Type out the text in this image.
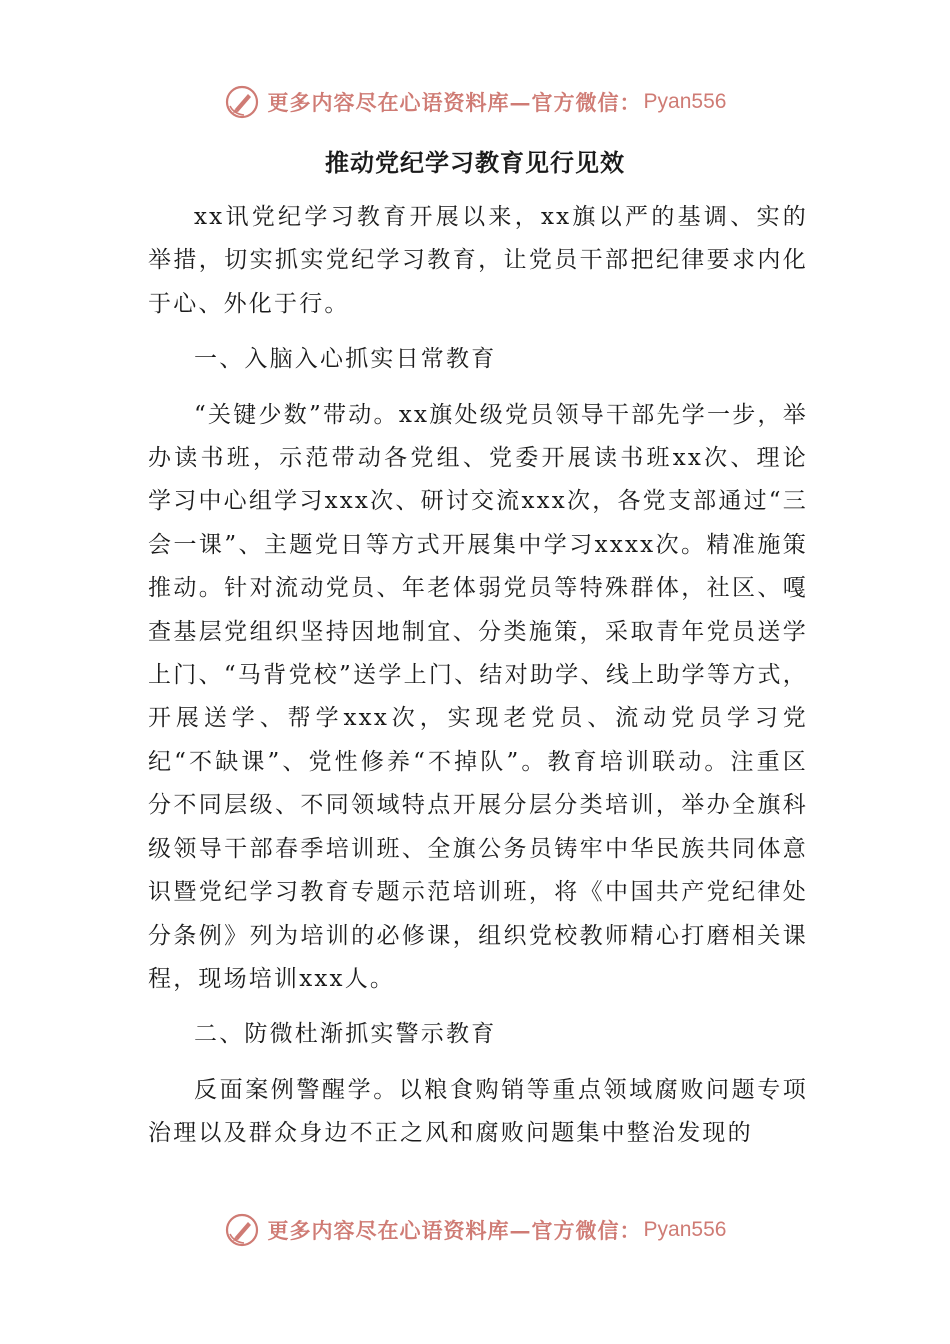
更多内容尽在心语资料库—官方微信： Pyan556
推动党纪学习教育见行见效

xx讯党纪学习教育开展以来，xx旗以严的基调、实的举措，切实抓实党纪学习教育，让党员干部把纪律要求内化于心、外化于行。

一、入脑入心抓实日常教育

“关键少数”带动。xx旗处级党员领导干部先学一步，举办读书班，示范带动各党组、党委开展读书班xx次、理论学习中心组学习xxx次、研讨交流xxx次，各党支部通过“三会一课”、主题党日等方式开展集中学习xxxx次。精准施策推动。针对流动党员、年老体弱党员等特殊群体，社区、嘎查基层党组织坚持因地制宜、分类施策，采取青年党员送学上门、“马背党校”送学上门、结对助学、线上助学等方式，开展送学、帮学xxx次，实现老党员、流动党员学习党纪“不缺课”、党性修养“不掉队”。教育培训联动。注重区分不同层级、不同领域特点开展分层分类培训，举办全旗科级领导干部春季培训班、全旗公务员铸牢中华民族共同体意识暨党纪学习教育专题示范培训班，将《中国共产党纪律处分条例》列为培训的必修课，组织党校教师精心打磨相关课程，现场培训xxx人。

二、防微杜渐抓实警示教育

反面案例警醒学。以粮食购销等重点领域腐败问题专项治理以及群众身边不正之风和腐败问题集中整治发现的

更多内容尽在心语资料库—官方微信： Pyan556
